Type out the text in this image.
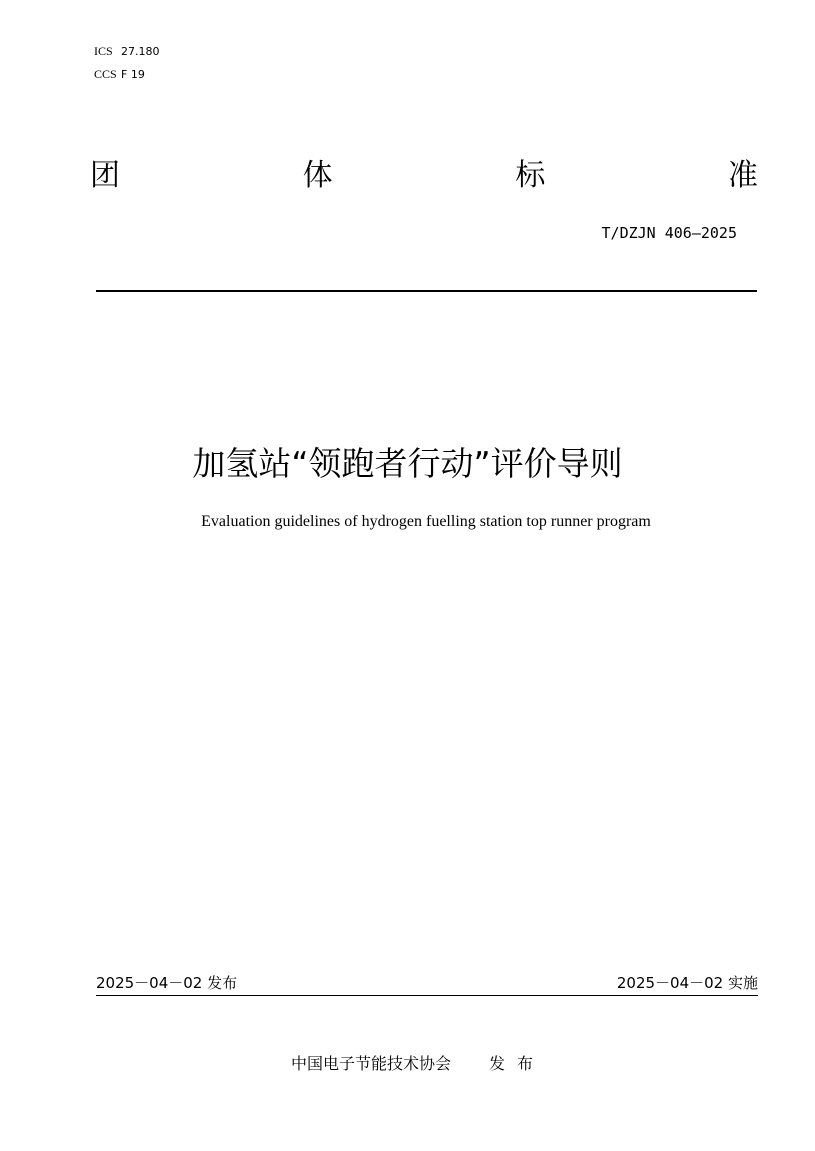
ICS 27.180
CCS F 19
团	体	标	准
T/DZJN 406—2025
加氢站“领跑者行动”评价导则
Evaluation guidelines of hydrogen fuelling station top runner program
2025－04－02 发布	2025－04－02 实施
中国电子节能技术协会 发布
